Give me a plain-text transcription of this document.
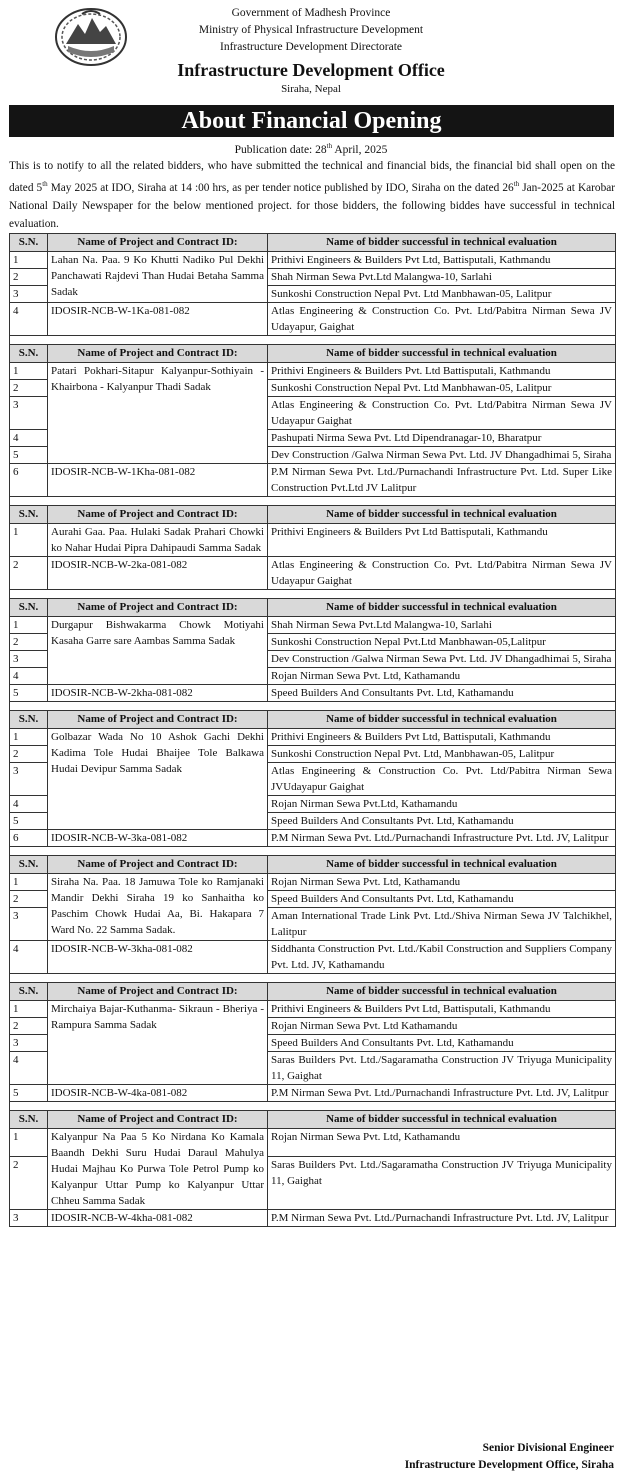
Government of Madhesh Province
Ministry of Physical Infrastructure Development
Infrastructure Development Directorate
Infrastructure Development Office
Siraha, Nepal
About Financial Opening
Publication date: 28th April, 2025
This is to notify to all the related bidders, who have submitted the technical and financial bids, the financial bid shall open on the dated 5th May 2025 at IDO, Siraha at 14 :00 hrs, as per tender notice published by IDO, Siraha on the dated 26th Jan-2025 at Karobar National Daily Newspaper for the below mentioned project. for those bidders, the following biddes have successful in technical evaluation.
S.N.	Name of Project and Contract ID:	Name of bidder successful in technical evaluation
1	Lahan Na. Paa. 9 Ko Khutti Nadiko Pul Dekhi Panchawati Rajdevi Than Hudai Betaha Samma Sadak	Prithivi Engineers & Builders Pvt Ltd, Battisputali, Kathmandu
2		Shah Nirman Sewa Pvt.Ltd Malangwa-10, Sarlahi
3		Sunkoshi Construction Nepal Pvt. Ltd Manbhawan-05, Lalitpur
4	IDOSIR-NCB-W-1Ka-081-082	Atlas Engineering & Construction Co. Pvt. Ltd/Pabitra Nirman Sewa JV Udayapur, Gaighat

S.N.	Name of Project and Contract ID:	Name of bidder successful in technical evaluation
1	Patari Pokhari-Sitapur Kalyanpur-Sothiyain - Khairbona - Kalyanpur Thadi Sadak	Prithivi Engineers & Builders Pvt. Ltd Battisputali, Kathmandu
2		Sunkoshi Construction Nepal Pvt. Ltd Manbhawan-05, Lalitpur
3		Atlas Engineering & Construction Co. Pvt. Ltd/Pabitra Nirman Sewa JV Udayapur Gaighat
4		Pashupati Nirma Sewa Pvt. Ltd Dipendranagar-10, Bharatpur
5		Dev Construction /Galwa Nirman Sewa Pvt. Ltd. JV Dhangadhimai 5, Siraha
6	IDOSIR-NCB-W-1Kha-081-082	P.M Nirman Sewa Pvt. Ltd./Purnachandi Infrastructure Pvt. Ltd. Super Like Construction Pvt.Ltd JV Lalitpur

S.N.	Name of Project and Contract ID:	Name of bidder successful in technical evaluation
1	Aurahi Gaa. Paa. Hulaki Sadak Prahari Chowki ko Nahar Hudai Pipra Dahipaudi Samma Sadak	Prithivi Engineers & Builders Pvt Ltd Battisputali, Kathmandu
2	IDOSIR-NCB-W-2ka-081-082	Atlas Engineering & Construction Co. Pvt. Ltd/Pabitra Nirman Sewa JV Udayapur Gaighat

S.N.	Name of Project and Contract ID:	Name of bidder successful in technical evaluation
1	Durgapur Bishwakarma Chowk Motiyahi Kasaha Garre sare Aambas Samma Sadak	Shah Nirman Sewa Pvt.Ltd Malangwa-10, Sarlahi
2		Sunkoshi Construction Nepal Pvt.Ltd Manbhawan-05,Lalitpur
3		Dev Construction /Galwa Nirman Sewa Pvt. Ltd. JV Dhangadhimai 5, Siraha
4		Rojan Nirman Sewa Pvt. Ltd, Kathamandu
5	IDOSIR-NCB-W-2kha-081-082	Speed Builders And Consultants Pvt. Ltd, Kathamandu

S.N.	Name of Project and Contract ID:	Name of bidder successful in technical evaluation
1	Golbazar Wada No 10 Ashok Gachi Dekhi Kadima Tole Hudai Bhaijee Tole Balkawa Hudai Devipur Samma Sadak	Prithivi Engineers & Builders Pvt Ltd, Battisputali, Kathmandu
2		Sunkoshi Construction Nepal Pvt. Ltd, Manbhawan-05, Lalitpur
3		Atlas Engineering & Construction Co. Pvt. Ltd/Pabitra Nirman Sewa JVUdayapur Gaighat
4		Rojan Nirman Sewa Pvt.Ltd, Kathamandu
5		Speed Builders And Consultants Pvt. Ltd, Kathamandu
6	IDOSIR-NCB-W-3ka-081-082	P.M Nirman Sewa Pvt. Ltd./Purnachandi Infrastructure Pvt. Ltd. JV, Lalitpur

S.N.	Name of Project and Contract ID:	Name of bidder successful in technical evaluation
1	Siraha Na. Paa. 18 Jamuwa Tole ko Ramjanaki Mandir Dekhi Siraha 19 ko Sanhaitha ko Paschim Chowk Hudai Aa, Bi. Hakapara 7 Ward No. 22 Samma Sadak.	Rojan Nirman Sewa Pvt. Ltd, Kathamandu
2		Speed Builders And Consultants Pvt. Ltd, Kathamandu
3		Aman International Trade Link Pvt. Ltd./Shiva Nirman Sewa JV Talchikhel, Lalitpur
4	IDOSIR-NCB-W-3kha-081-082	Siddhanta Construction Pvt. Ltd./Kabil Construction and Suppliers Company Pvt. Ltd. JV, Kathamandu

S.N.	Name of Project and Contract ID:	Name of bidder successful in technical evaluation
1	Mirchaiya Bajar-Kuthanma- Sikraun - Bheriya - Rampura Samma Sadak	Prithivi Engineers & Builders Pvt Ltd, Battisputali, Kathmandu
2		Rojan Nirman Sewa Pvt. Ltd Kathamandu
3		Speed Builders And Consultants Pvt. Ltd, Kathamandu
4		Saras Builders Pvt. Ltd./Sagaramatha Construction JV Triyuga Municipality 11, Gaighat
5	IDOSIR-NCB-W-4ka-081-082	P.M Nirman Sewa Pvt. Ltd./Purnachandi Infrastructure Pvt. Ltd. JV, Lalitpur

S.N.	Name of Project and Contract ID:	Name of bidder successful in technical evaluation
1	Kalyanpur Na Paa 5 Ko Nirdana Ko Kamala Baandh Dekhi Suru Hudai Daraul Mahulya Hudai Majhau Ko Purwa Tole Petrol Pump ko Kalyanpur Uttar Pump ko Kalyanpur Uttar Chheu Samma Sadak	Rojan Nirman Sewa Pvt. Ltd, Kathamandu
2		Saras Builders Pvt. Ltd./Sagaramatha Construction JV Triyuga Municipality 11, Gaighat
3	IDOSIR-NCB-W-4kha-081-082	P.M Nirman Sewa Pvt. Ltd./Purnachandi Infrastructure Pvt. Ltd. JV, Lalitpur
Senior Divisional Engineer
Infrastructure Development Office, Siraha
